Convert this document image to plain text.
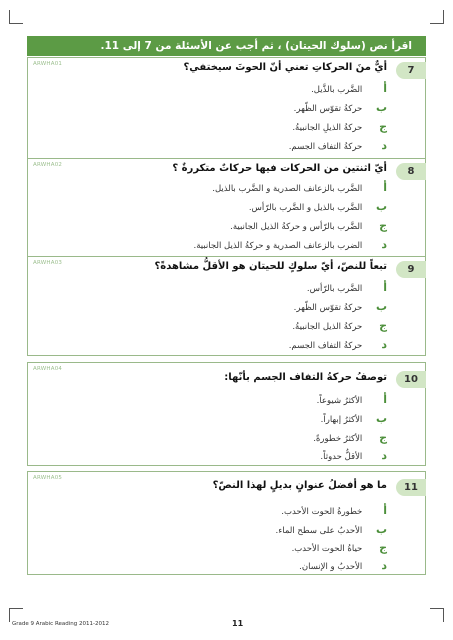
اقرأ نص (سلوك الحيتان) ، ثم أجب عن الأسئلة من 7 إلى 11.
ARWHA01
7
أيٌّ منَ الحركاتِ تعني أنّ الحوتَ سيختفي؟
أ الضَّرب بالذَّيل.
ب حركةُ تقوّس الظّهر.
ج حركةُ الذيلِ الجانبيةُ.
د حركةُ التفاف الجسم.
ARWHA02
8
أيّ اثنتين من الحركات فيها حركاتٌ متكررةٌ ؟
أ الضَّرب بالزعانف الصدرية و الضَّرب بالذيل.
ب الضَّرب بالذيل و الضَّرب بالرّأس.
ج الضَّرب بالرّأس و حركةُ الذيل الجانبية.
د الضرب بالزعانف الصدرية و حركةُ الذيل الجانبية.
ARWHA03
9
تبعاً للنصّ، أيّ سلوكٍ للحيتان هو الأقلُّ مشاهدةً؟
أ الضَّرب بالرّأس.
ب حركةُ تقوّس الظّهر.
ج حركةُ الذيل الجانبيةُ.
د حركةُ التفاف الجسم.
ARWHA04
10
توصفُ حركةُ التفاف الجسم بأنّها:
أ الأكثرُ شيوعاً.
ب الأكثرُ إبهاراً.
ج الأكثرُ خطورةً.
د الأقلُّ حدوثاً.
ARWHA05
11
ما هو أفضلُ عنوانٍ بديلٍ لهذا النصّ؟
أ خطورةُ الحوت الأحدب.
ب الأحدبُ على سطح الماء.
ج حياةُ الحوت الأحدب.
د الأحدبُ و الإنسان.
Grade 9 Arabic Reading 2011-2012	11
